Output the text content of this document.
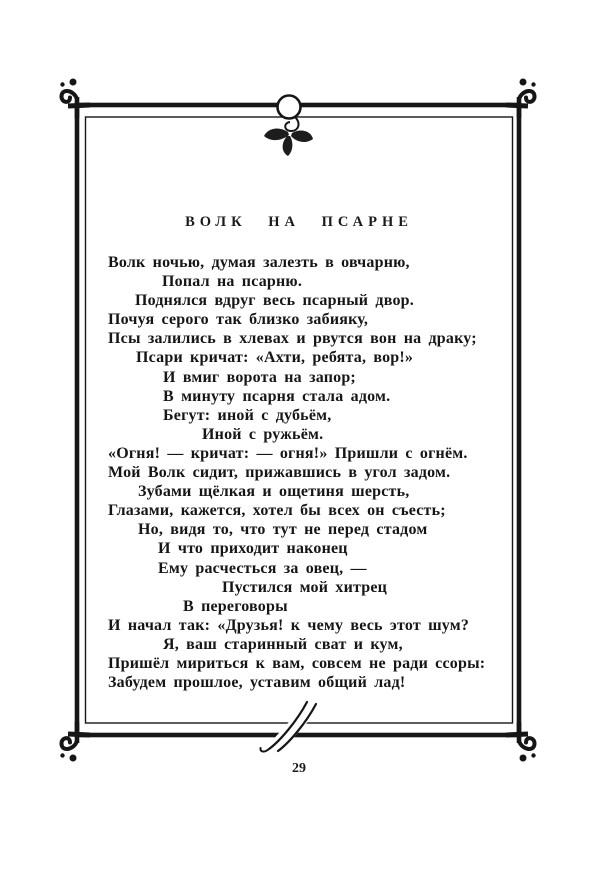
ВОЛК НА ПСАРНЕ
Волк ночью, думая залезть в овчарню,
Попал на псарню.
Поднялся вдруг весь псарный двор.
Почуя серого так близко забияку,
Псы залились в хлевах и рвутся вон на драку;
Псари кричат: «Ахти, ребята, вор!»
И вмиг ворота на запор;
В минуту псарня стала адом.
Бегут: иной с дубьём,
Иной с ружьём.
«Огня! — кричат: — огня!» Пришли с огнём.
Мой Волк сидит, прижавшись в угол задом.
Зубами щёлкая и ощетиня шерсть,
Глазами, кажется, хотел бы всех он съесть;
Но, видя то, что тут не перед стадом
И что приходит наконец
Ему расчесться за овец, —
Пустился мой хитрец
В переговоры
И начал так: «Друзья! к чему весь этот шум?
Я, ваш старинный сват и кум,
Пришёл мириться к вам, совсем не ради ссоры:
Забудем прошлое, уставим общий лад!
29
